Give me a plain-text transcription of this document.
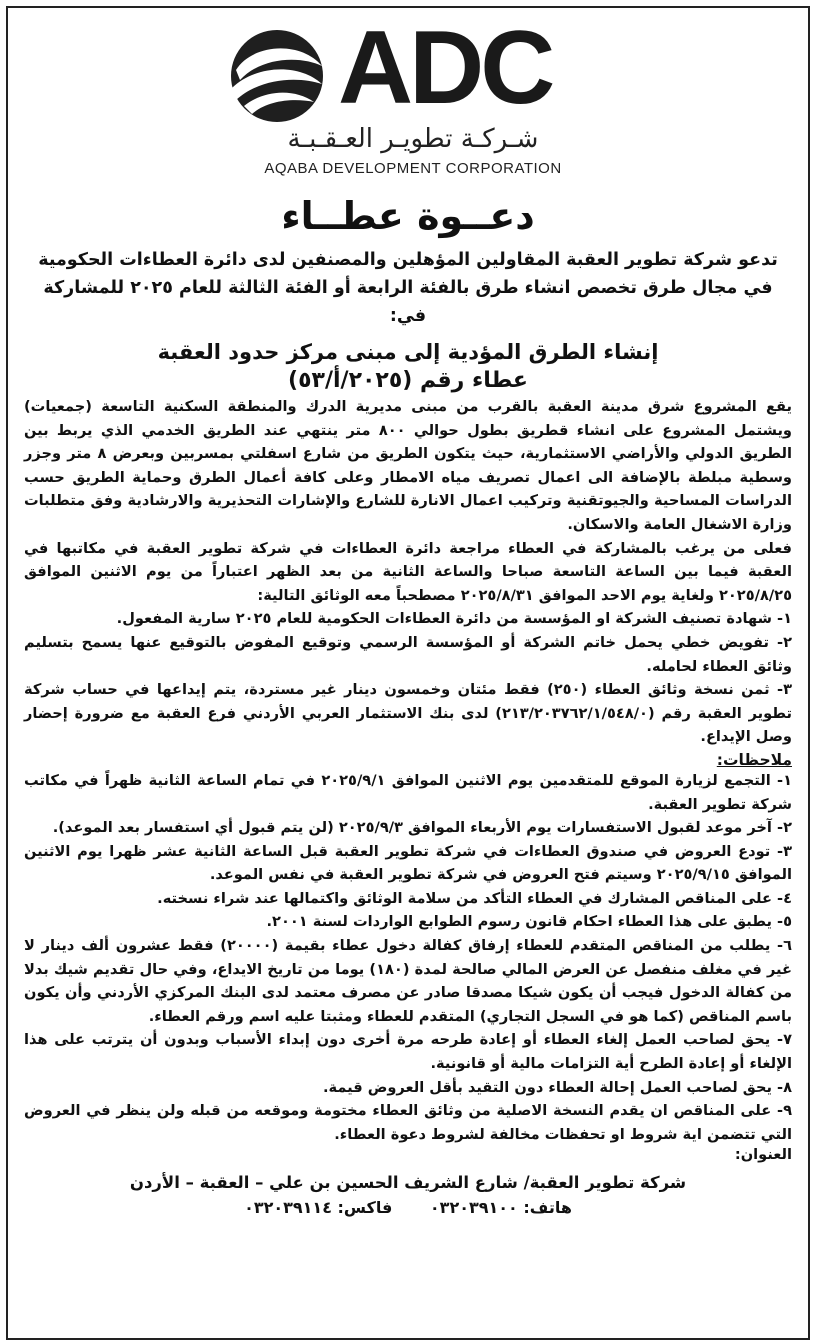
ADC
شـركـة تطويـر العـقـبـة
AQABA DEVELOPMENT CORPORATION
دعــوة عطــاء

تدعو شركة تطوير العقبة المقاولين المؤهلين والمصنفين لدى دائرة العطاءات الحكومية في مجال طرق تخصص انشاء طرق بالفئة الرابعة أو الفئة الثالثة للعام ٢٠٢٥ للمشاركة في:

إنشاء الطرق المؤدية إلى مبنى مركز حدود العقبة
عطاء رقم (٢٠٢٥/أ/٥٣)

يقع المشروع شرق مدينة العقبة بالقرب من مبنى مديرية الدرك والمنطقة السكنية التاسعة (جمعيات) ويشتمل المشروع على انشاء قطريق بطول حوالي ٨٠٠ متر ينتهي عند الطريق الخدمي الذي يربط بين الطريق الدولي والأراضي الاستثمارية، حيث يتكون الطريق من شارع اسفلتي بمسربين وبعرض ٨ متر وجزر وسطية مبلطة بالإضافة الى اعمال تصريف مياه الامطار وعلى كافة أعمال الطرق وحماية الطريق حسب الدراسات المساحية والجيوتقنية وتركيب اعمال الانارة للشارع والإشارات التحذيرية والارشادية وفق متطلبات وزارة الاشغال العامة والاسكان.

فعلى من يرغب بالمشاركة في العطاء مراجعة دائرة العطاءات في شركة تطوير العقبة في مكاتبها في العقبة فيما بين الساعة التاسعة صباحا والساعة الثانية من بعد الظهر اعتباراً من يوم الاثنين الموافق ٢٠٢٥/٨/٢٥ ولغاية يوم الاحد الموافق ٢٠٢٥/٨/٣١ مصطحباً معه الوثائق التالية:

١- شهادة تصنيف الشركة او المؤسسة من دائرة العطاءات الحكومية للعام ٢٠٢٥ سارية المفعول.

٢- تفويض خطي يحمل خاتم الشركة أو المؤسسة الرسمي وتوقيع المفوض بالتوقيع عنها يسمح بتسليم وثائق العطاء لحامله.

٣- ثمن نسخة وثائق العطاء (٢٥٠) فقط مئتان وخمسون دينار غير مستردة، يتم إيداعها في حساب شركة تطوير العقبة رقم (٢١٣/٢٠٣٧٦٢/١/٥٤٨/٠) لدى بنك الاستثمار العربي الأردني فرع العقبة مع ضرورة إحضار وصل الإيداع.

ملاحظات:

١- التجمع لزيارة الموقع للمتقدمين يوم الاثنين الموافق ٢٠٢٥/٩/١ في تمام الساعة الثانية ظهراً في مكاتب شركة تطوير العقبة.

٢- آخر موعد لقبول الاستفسارات يوم الأربعاء الموافق ٢٠٢٥/٩/٣ (لن يتم قبول أي استفسار بعد الموعد).

٣- تودع العروض في صندوق العطاءات في شركة تطوير العقبة قبل الساعة الثانية عشر ظهرا يوم الاثنين الموافق ٢٠٢٥/٩/١٥ وسيتم فتح العروض في شركة تطوير العقبة في نفس الموعد.

٤- على المناقص المشارك في العطاء التأكد من سلامة الوثائق واكتمالها عند شراء نسخته.

٥- يطبق على هذا العطاء احكام قانون رسوم الطوابع الواردات لسنة ٢٠٠١.

٦- يطلب من المناقص المتقدم للعطاء إرفاق كفالة دخول عطاء بقيمة (٢٠٠٠٠) فقط عشرون ألف دينار لا غير في مغلف منفصل عن العرض المالي صالحة لمدة (١٨٠) يوما من تاريخ الايداع، وفي حال تقديم شيك بدلا من كفالة الدخول فيجب أن يكون شيكا مصدقا صادر عن مصرف معتمد لدى البنك المركزي الأردني وأن يكون باسم المناقص (كما هو في السجل التجاري) المتقدم للعطاء ومثبتا عليه اسم ورقم العطاء.

٧- يحق لصاحب العمل إلغاء العطاء أو إعادة طرحه مرة أخرى دون إبداء الأسباب وبدون أن يترتب على هذا الإلغاء أو إعادة الطرح أية التزامات مالية أو قانونية.

٨- يحق لصاحب العمل إحالة العطاء دون التقيد بأقل العروض قيمة.

٩- على المناقص ان يقدم النسخة الاصلية من وثائق العطاء مختومة وموقعه من قبله ولن ينظر في العروض التي تتضمن اية شروط او تحفظات مخالفة لشروط دعوة العطاء.

العنوان:
شركة تطوير العقبة/ شارع الشريف الحسين بن علي – العقبة – الأردن
هاتف: ٠٣٢٠٣٩١٠٠ فاكس: ٠٣٢٠٣٩١١٤
